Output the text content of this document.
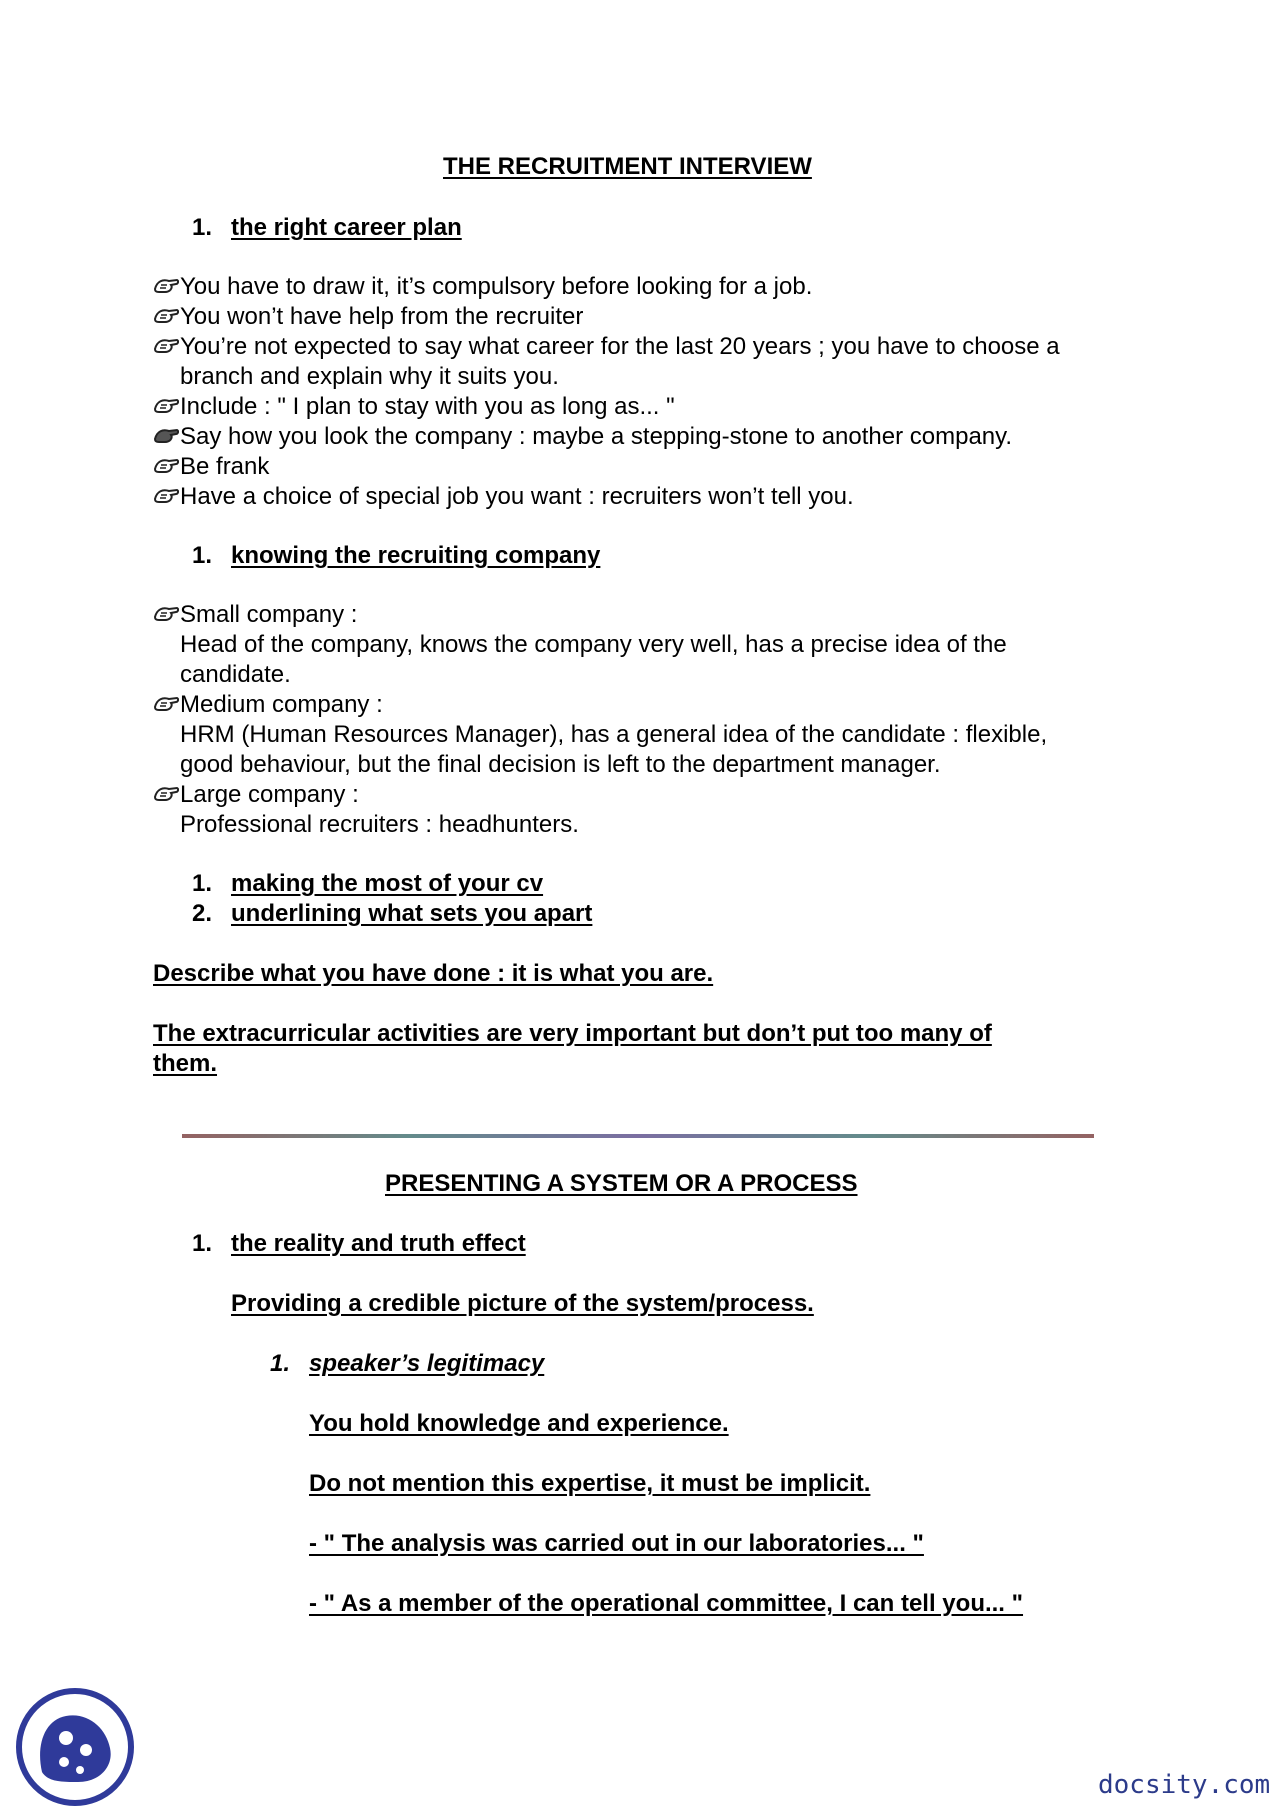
THE RECRUITMENT INTERVIEW
1. the right career plan
You have to draw it, it’s compulsory before looking for a job.
You won’t have help from the recruiter
You’re not expected to say what career for the last 20 years ; you have to choose a
branch and explain why it suits you.
Include : " I plan to stay with you as long as... "
Say how you look the company : maybe a stepping-stone to another company.
Be frank
Have a choice of special job you want : recruiters won’t tell you.
1. knowing the recruiting company
Small company :
Head of the company, knows the company very well, has a precise idea of the
candidate.
Medium company :
HRM (Human Resources Manager), has a general idea of the candidate : flexible,
good behaviour, but the final decision is left to the department manager.
Large company :
Professional recruiters : headhunters.
1. making the most of your cv
2. underlining what sets you apart
Describe what you have done : it is what you are.
The extracurricular activities are very important but don’t put too many of
them.
PRESENTING A SYSTEM OR A PROCESS
1. the reality and truth effect
Providing a credible picture of the system/process.
1. speaker’s legitimacy
You hold knowledge and experience.
Do not mention this expertise, it must be implicit.
- " The analysis was carried out in our laboratories... "
- " As a member of the operational committee, I can tell you... "
docsity.com
